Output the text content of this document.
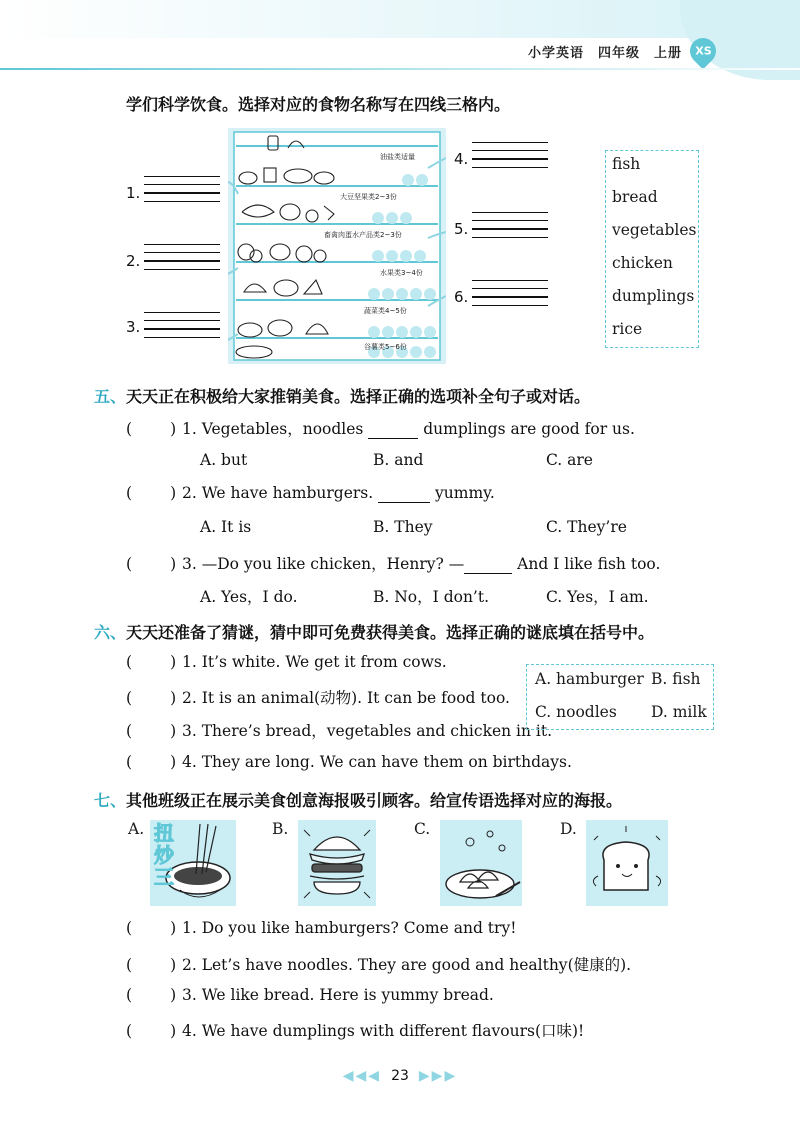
小学英语 四年级 上册 XS
学们科学饮食。选择对应的食物名称写在四线三格内。
1.
2.
3.
4.
5.
6.
油盐类适量
大豆坚果类2~3份
畜禽肉蛋水产品类2~3份
水果类3~4份
蔬菜类4~5份
谷薯类5~6份
fish
bread
vegetables
chicken
dumplings
rice
五、天天正在积极给大家推销美食。选择正确的选项补全句子或对话。
( ) 1. Vegetables，noodles	dumplings are good for us.
A. but	B. and	C. are
( ) 2. We have hamburgers.	yummy.
A. It is	B. They	C. They’re
( ) 3. —Do you like chicken，Henry? —	And I like fish too.
A. Yes，I do.	B. No，I don’t.	C. Yes，I am.
六、天天还准备了猜谜，猜中即可免费获得美食。选择正确的谜底填在括号中。
( ) 1. It’s white. We get it from cows.
( ) 2. It is an animal(动物). It can be food too.
( ) 3. There’s bread，vegetables and chicken in it.
( ) 4. They are long. We can have them on birthdays.
A. hamburger B. fish
C. noodles D. milk
七、其他班级正在展示美食创意海报吸引顾客。给宣传语选择对应的海报。
A. 扭炒三
B.	C.	D.
( ) 1. Do you like hamburgers? Come and try!
( ) 2. Let’s have noodles. They are good and healthy(健康的).
( ) 3. We like bread. Here is yummy bread.
( ) 4. We have dumplings with different flavours(口味)!
◀◀◀ 23 ▶▶▶
